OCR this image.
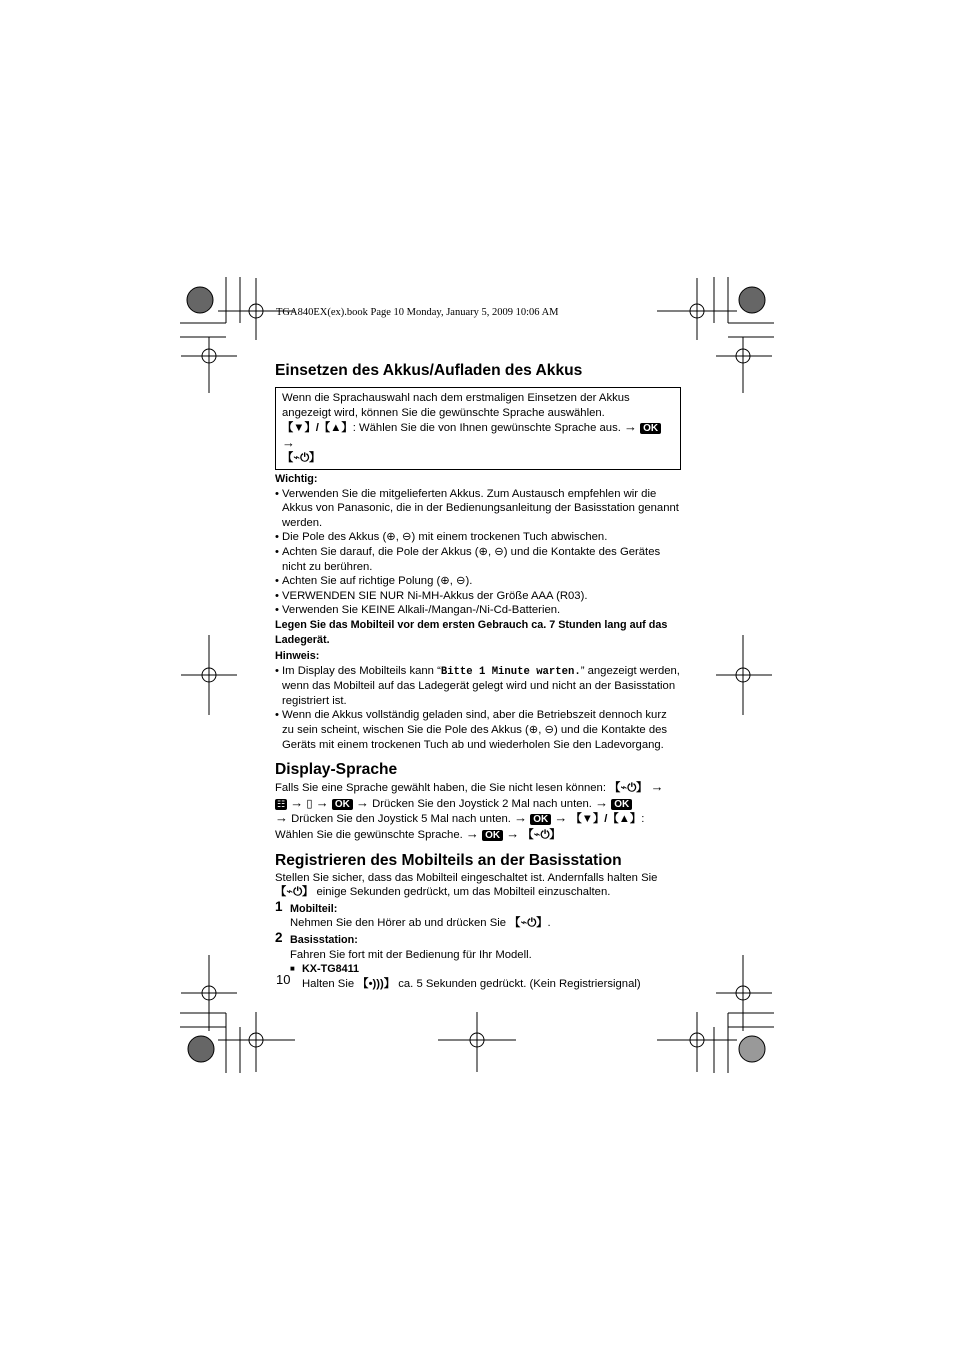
TGA840EX(ex).book Page 10 Monday, January 5, 2009 10:06 AM
Einsetzen des Akkus/Aufladen des Akkus

Wenn die Sprachauswahl nach dem erstmaligen Einsetzen der Akkus angezeigt wird, können Sie die gewünschte Sprache auswählen.
【▼】/【▲】: Wählen Sie die von Ihnen gewünschte Sprache aus. → OK →
【⌁⏻】

Wichtig:
• Verwenden Sie die mitgelieferten Akkus. Zum Austausch empfehlen wir die Akkus von Panasonic, die in der Bedienungsanleitung der Basisstation genannt werden.
• Die Pole des Akkus (⊕, ⊖) mit einem trockenen Tuch abwischen.
• Achten Sie darauf, die Pole der Akkus (⊕, ⊖) und die Kontakte des Gerätes nicht zu berühren.
• Achten Sie auf richtige Polung (⊕, ⊖).
• VERWENDEN SIE NUR Ni-MH-Akkus der Größe AAA (R03).
• Verwenden Sie KEINE Alkali-/Mangan-/Ni-Cd-Batterien.

Legen Sie das Mobilteil vor dem ersten Gebrauch ca. 7 Stunden lang auf das Ladegerät.

Hinweis:
• Im Display des Mobilteils kann “Bitte 1 Minute warten.” angezeigt werden, wenn das Mobilteil auf das Ladegerät gelegt wird und nicht an der Basisstation registriert ist.
• Wenn die Akkus vollständig geladen sind, aber die Betriebszeit dennoch kurz zu sein scheint, wischen Sie die Pole des Akkus (⊕, ⊖) und die Kontakte des Geräts mit einem trockenen Tuch ab und wiederholen Sie den Ladevorgang.
Display-Sprache

Falls Sie eine Sprache gewählt haben, die Sie nicht lesen können: 【⌁⏻】 →
☷ → ▯ → OK → Drücken Sie den Joystick 2 Mal nach unten. → OK
→ Drücken Sie den Joystick 5 Mal nach unten. → OK → 【▼】/【▲】: Wählen Sie die gewünschte Sprache. → OK → 【⌁⏻】

Registrieren des Mobilteils an der Basisstation

Stellen Sie sicher, dass das Mobilteil eingeschaltet ist. Andernfalls halten Sie 【⌁⏻】 einige Sekunden gedrückt, um das Mobilteil einzuschalten.

1 Mobilteil:
Nehmen Sie den Hörer ab und drücken Sie 【⌁⏻】.
2 Basisstation:
Fahren Sie fort mit der Bedienung für Ihr Modell.
■ KX-TG8411
Halten Sie 【•)))】 ca. 5 Sekunden gedrückt. (Kein Registriersignal)
10
